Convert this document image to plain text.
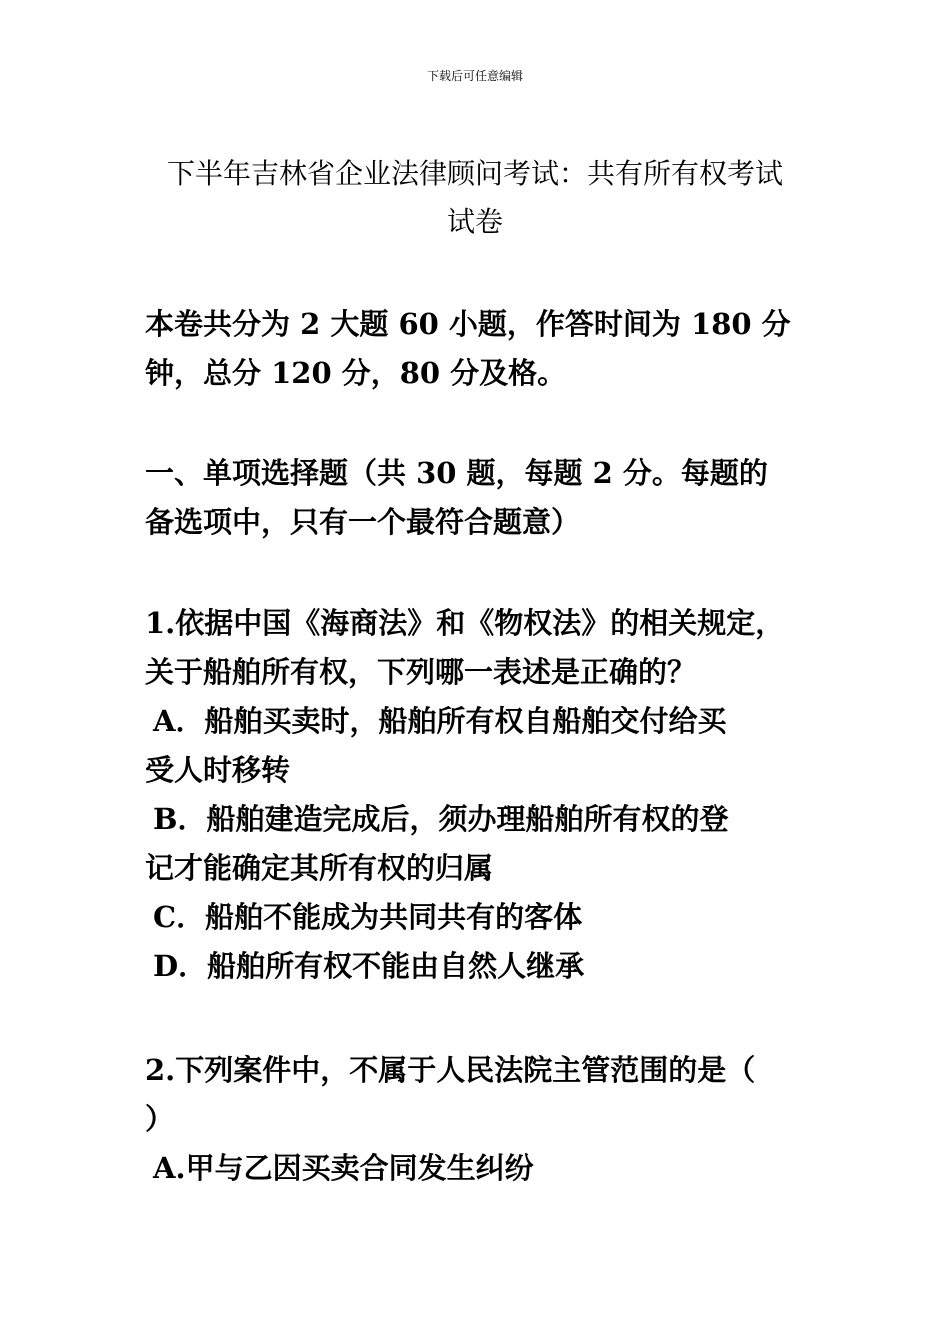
下载后可任意编辑
下半年吉林省企业法律顾问考试：共有所有权考试
试卷
本卷共分为 2 大题 60 小题，作答时间为 180 分
钟，总分 120 分，80 分及格。
一、单项选择题（共 30 题，每题 2 分。每题的
备选项中，只有一个最符合题意）
1.依据中国《海商法》和《物权法》的相关规定，
关于船舶所有权，下列哪一表述是正确的？
A．船舶买卖时，船舶所有权自船舶交付给买
受人时移转
B．船舶建造完成后，须办理船舶所有权的登
记才能确定其所有权的归属
C．船舶不能成为共同共有的客体
D．船舶所有权不能由自然人继承
2.下列案件中，不属于人民法院主管范围的是（
）
A.甲与乙因买卖合同发生纠纷
